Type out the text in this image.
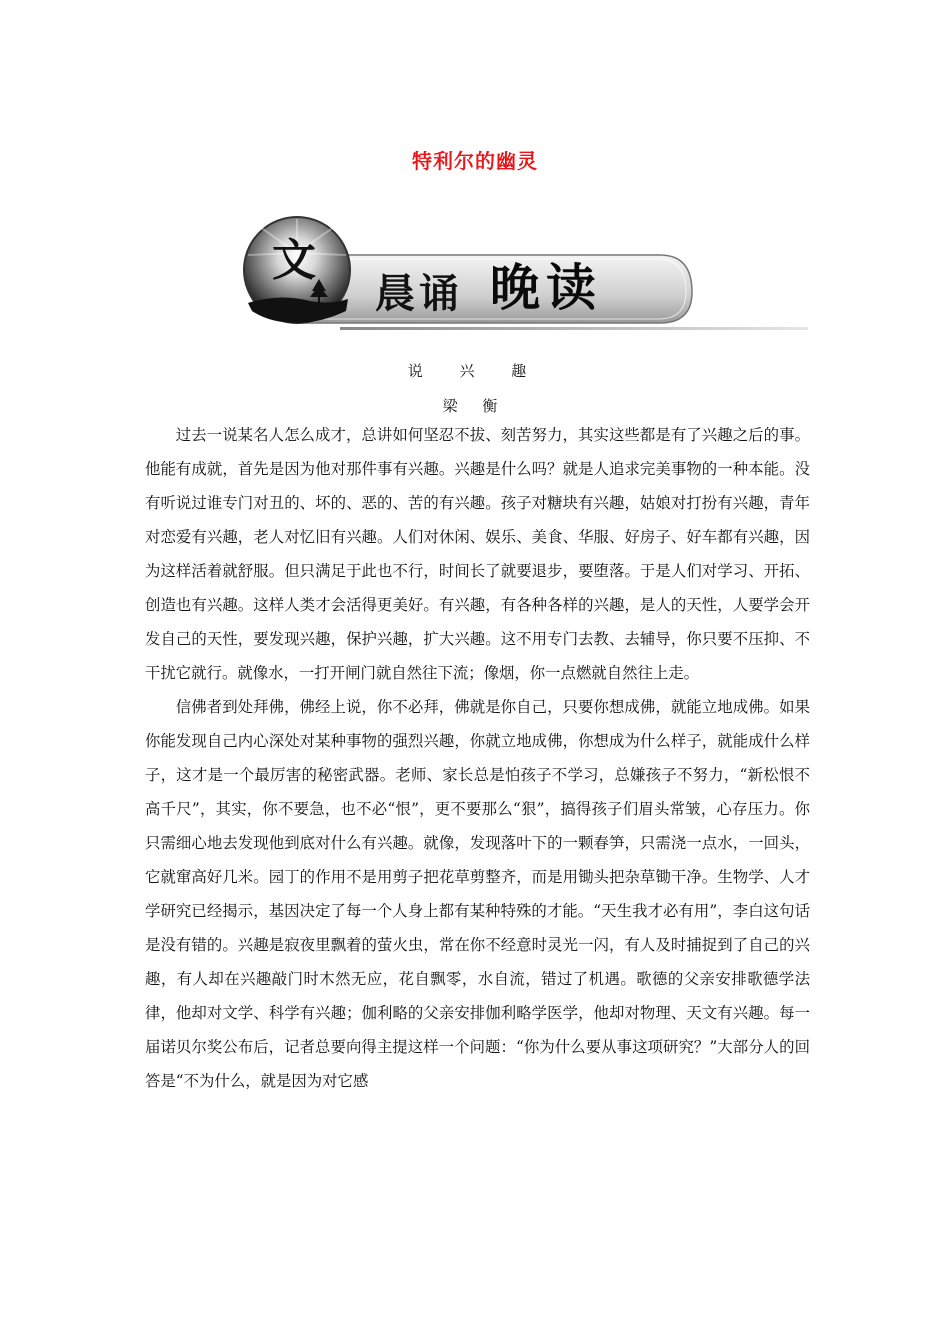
特利尔的幽灵
文
晨诵 晚读
说 兴 趣
梁 衡

过去一说某名人怎么成才，总讲如何坚忍不拔、刻苦努力，其实这些都是有了兴趣之后的事。他能有成就，首先是因为他对那件事有兴趣。兴趣是什么吗？就是人追求完美事物的一种本能。没有听说过谁专门对丑的、坏的、恶的、苦的有兴趣。孩子对糖块有兴趣，姑娘对打扮有兴趣，青年对恋爱有兴趣，老人对忆旧有兴趣。人们对休闲、娱乐、美食、华服、好房子、好车都有兴趣，因为这样活着就舒服。但只满足于此也不行，时间长了就要退步，要堕落。于是人们对学习、开拓、创造也有兴趣。这样人类才会活得更美好。有兴趣，有各种各样的兴趣，是人的天性，人要学会开发自己的天性，要发现兴趣，保护兴趣，扩大兴趣。这不用专门去教、去辅导，你只要不压抑、不干扰它就行。就像水，一打开闸门就自然往下流；像烟，你一点燃就自然往上走。

信佛者到处拜佛，佛经上说，你不必拜，佛就是你自己，只要你想成佛，就能立地成佛。如果你能发现自己内心深处对某种事物的强烈兴趣，你就立地成佛，你想成为什么样子，就能成什么样子，这才是一个最厉害的秘密武器。老师、家长总是怕孩子不学习，总嫌孩子不努力，“新松恨不高千尺”，其实，你不要急，也不必“恨”，更不要那么“狠”，搞得孩子们眉头常皱，心存压力。你只需细心地去发现他到底对什么有兴趣。就像，发现落叶下的一颗春笋，只需浇一点水，一回头，它就窜高好几米。园丁的作用不是用剪子把花草剪整齐，而是用锄头把杂草锄干净。生物学、人才学研究已经揭示，基因决定了每一个人身上都有某种特殊的才能。“天生我才必有用”，李白这句话是没有错的。兴趣是寂夜里飘着的萤火虫，常在你不经意时灵光一闪，有人及时捕捉到了自己的兴趣，有人却在兴趣敲门时木然无应，花自飘零，水自流，错过了机遇。歌德的父亲安排歌德学法律，他却对文学、科学有兴趣；伽利略的父亲安排伽利略学医学，他却对物理、天文有兴趣。每一届诺贝尔奖公布后，记者总要向得主提这样一个问题：“你为什么要从事这项研究？”大部分人的回答是“不为什么，就是因为对它感
